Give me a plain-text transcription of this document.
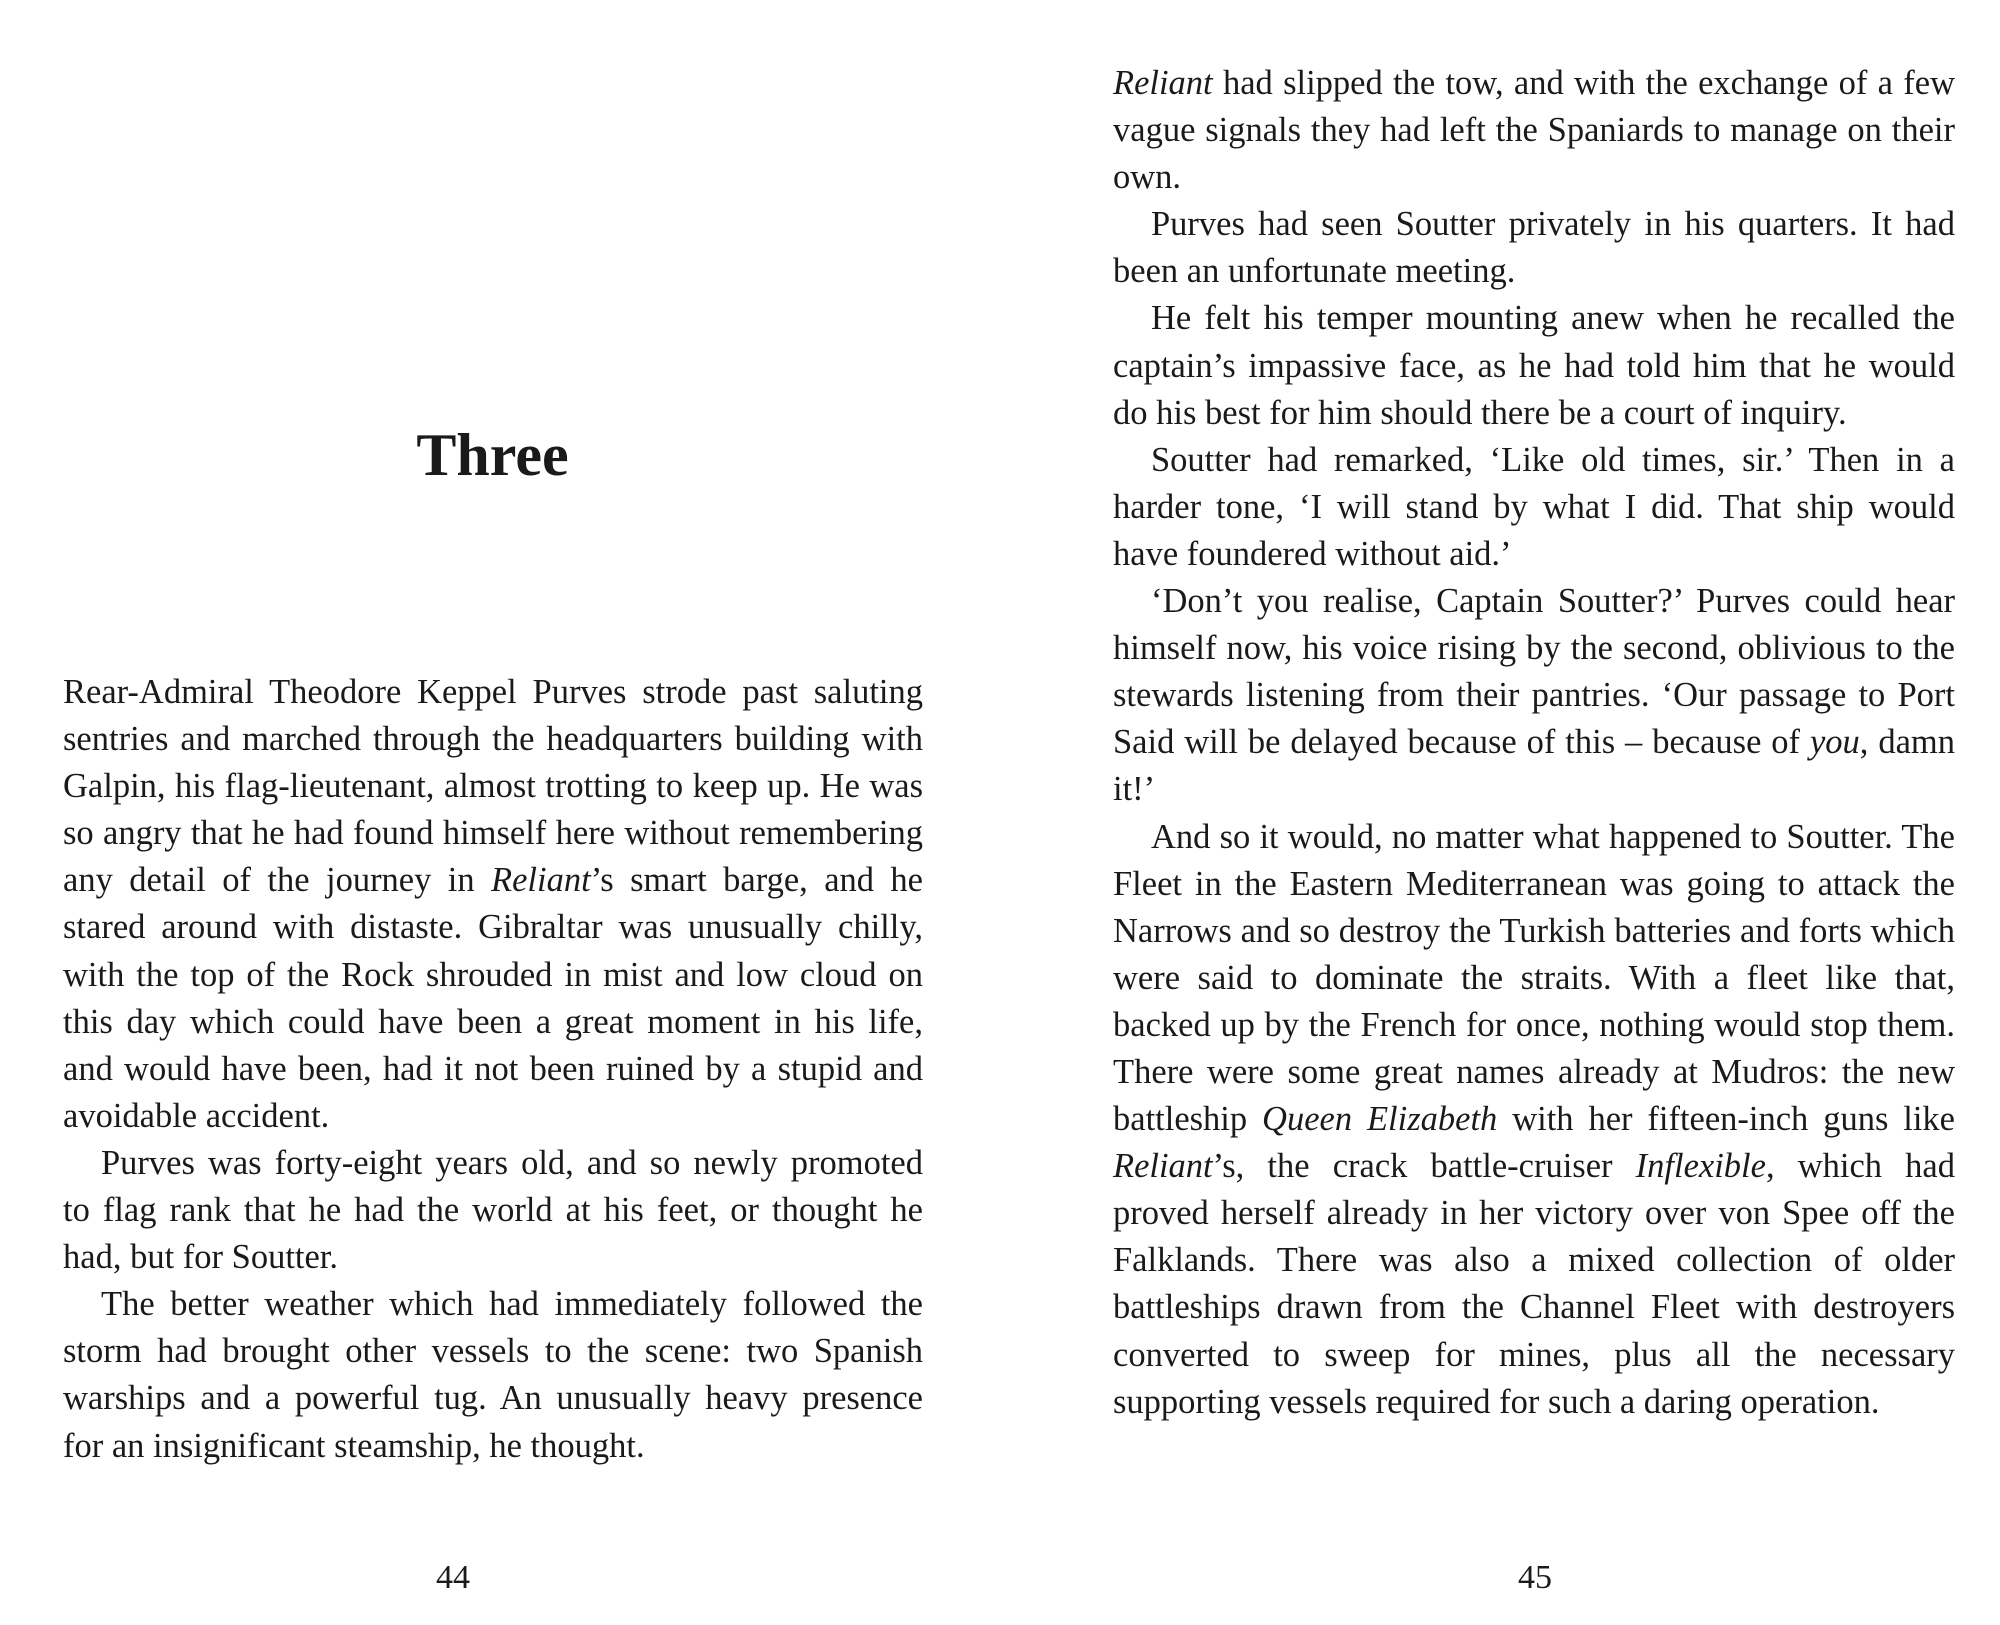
Three

Rear-Admiral Theodore Keppel Purves strode past saluting sentries and marched through the headquarters building with Galpin, his flag-lieutenant, almost trotting to keep up. He was so angry that he had found himself here without remembering any detail of the journey in Reliant’s smart barge, and he stared around with distaste. Gibraltar was unusually chilly, with the top of the Rock shrouded in mist and low cloud on this day which could have been a great moment in his life, and would have been, had it not been ruined by a stupid and avoidable accident.

Purves was forty-eight years old, and so newly promoted to flag rank that he had the world at his feet, or thought he had, but for Soutter.

The better weather which had immediately followed the storm had brought other vessels to the scene: two Spanish warships and a powerful tug. An unusually heavy presence for an insignificant steamship, he thought.

44

Reliant had slipped the tow, and with the exchange of a few vague signals they had left the Spaniards to manage on their own.

Purves had seen Soutter privately in his quarters. It had been an unfortunate meeting.

He felt his temper mounting anew when he recalled the captain’s impassive face, as he had told him that he would do his best for him should there be a court of inquiry.

Soutter had remarked, ‘Like old times, sir.’ Then in a harder tone, ‘I will stand by what I did. That ship would have foundered without aid.’

‘Don’t you realise, Captain Soutter?’ Purves could hear himself now, his voice rising by the second, oblivious to the stewards listening from their pantries. ‘Our passage to Port Said will be delayed because of this – because of you, damn it!’

And so it would, no matter what happened to Soutter. The Fleet in the Eastern Mediterranean was going to attack the Narrows and so destroy the Turkish batteries and forts which were said to dominate the straits. With a fleet like that, backed up by the French for once, nothing would stop them. There were some great names already at Mudros: the new battleship Queen Elizabeth with her fifteen-inch guns like Reliant’s, the crack battle-cruiser Inflexible, which had proved herself already in her victory over von Spee off the Falklands. There was also a mixed collection of older battleships drawn from the Channel Fleet with destroyers converted to sweep for mines, plus all the necessary supporting vessels required for such a daring operation.

45
